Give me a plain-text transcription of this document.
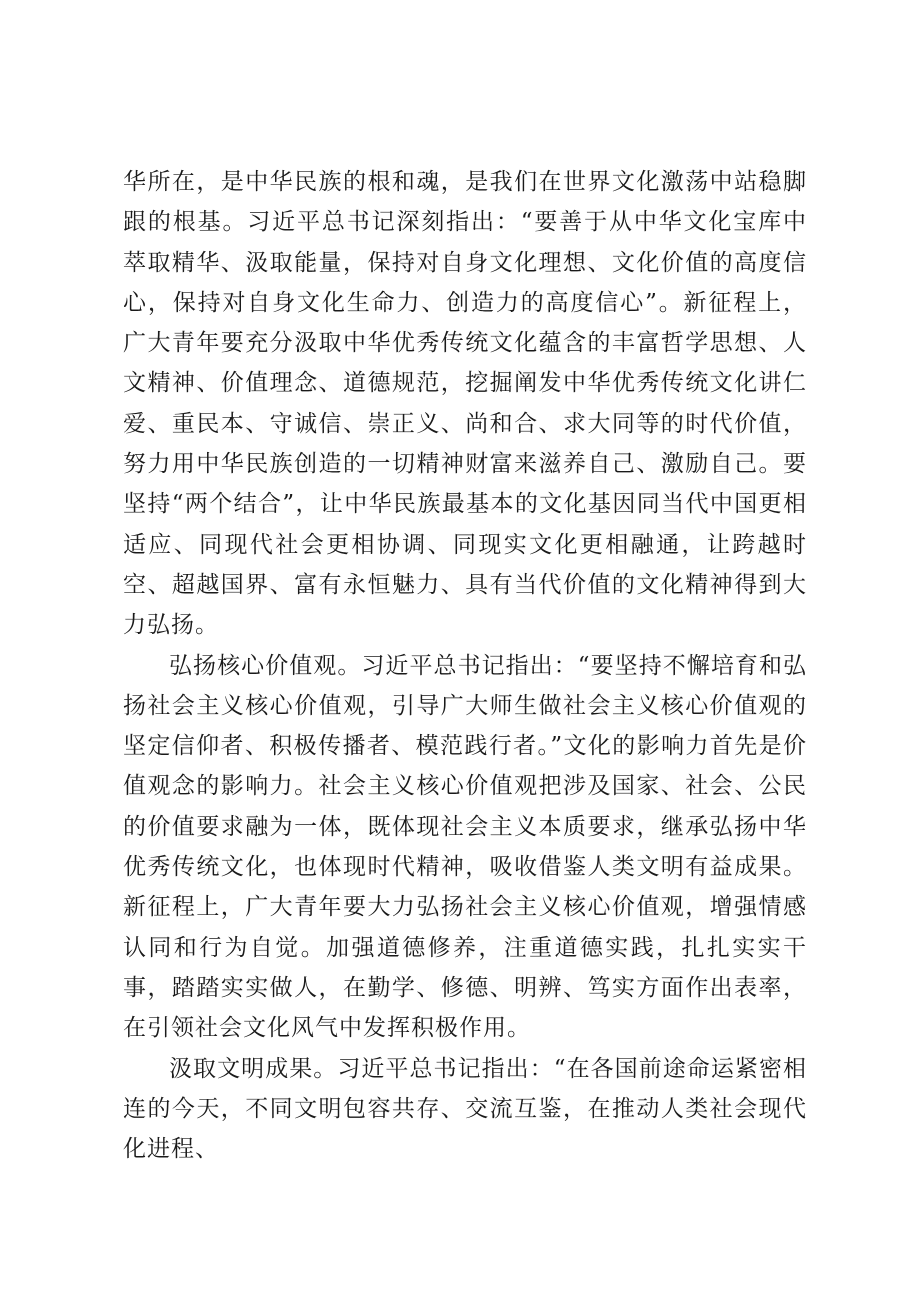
华所在，是中华民族的根和魂，是我们在世界文化激荡中站稳脚跟的根基。习近平总书记深刻指出：“要善于从中华文化宝库中萃取精华、汲取能量，保持对自身文化理想、文化价值的高度信心，保持对自身文化生命力、创造力的高度信心”。新征程上，广大青年要充分汲取中华优秀传统文化蕴含的丰富哲学思想、人文精神、价值理念、道德规范，挖掘阐发中华优秀传统文化讲仁爱、重民本、守诚信、崇正义、尚和合、求大同等的时代价值，努力用中华民族创造的一切精神财富来滋养自己、激励自己。要坚持“两个结合”，让中华民族最基本的文化基因同当代中国更相适应、同现代社会更相协调、同现实文化更相融通，让跨越时空、超越国界、富有永恒魅力、具有当代价值的文化精神得到大力弘扬。

弘扬核心价值观。习近平总书记指出：“要坚持不懈培育和弘扬社会主义核心价值观，引导广大师生做社会主义核心价值观的坚定信仰者、积极传播者、模范践行者。”文化的影响力首先是价值观念的影响力。社会主义核心价值观把涉及国家、社会、公民的价值要求融为一体，既体现社会主义本质要求，继承弘扬中华优秀传统文化，也体现时代精神，吸收借鉴人类文明有益成果。新征程上，广大青年要大力弘扬社会主义核心价值观，增强情感认同和行为自觉。加强道德修养，注重道德实践，扎扎实实干事，踏踏实实做人，在勤学、修德、明辨、笃实方面作出表率，在引领社会文化风气中发挥积极作用。

汲取文明成果。习近平总书记指出：“在各国前途命运紧密相连的今天，不同文明包容共存、交流互鉴，在推动人类社会现代化进程、
